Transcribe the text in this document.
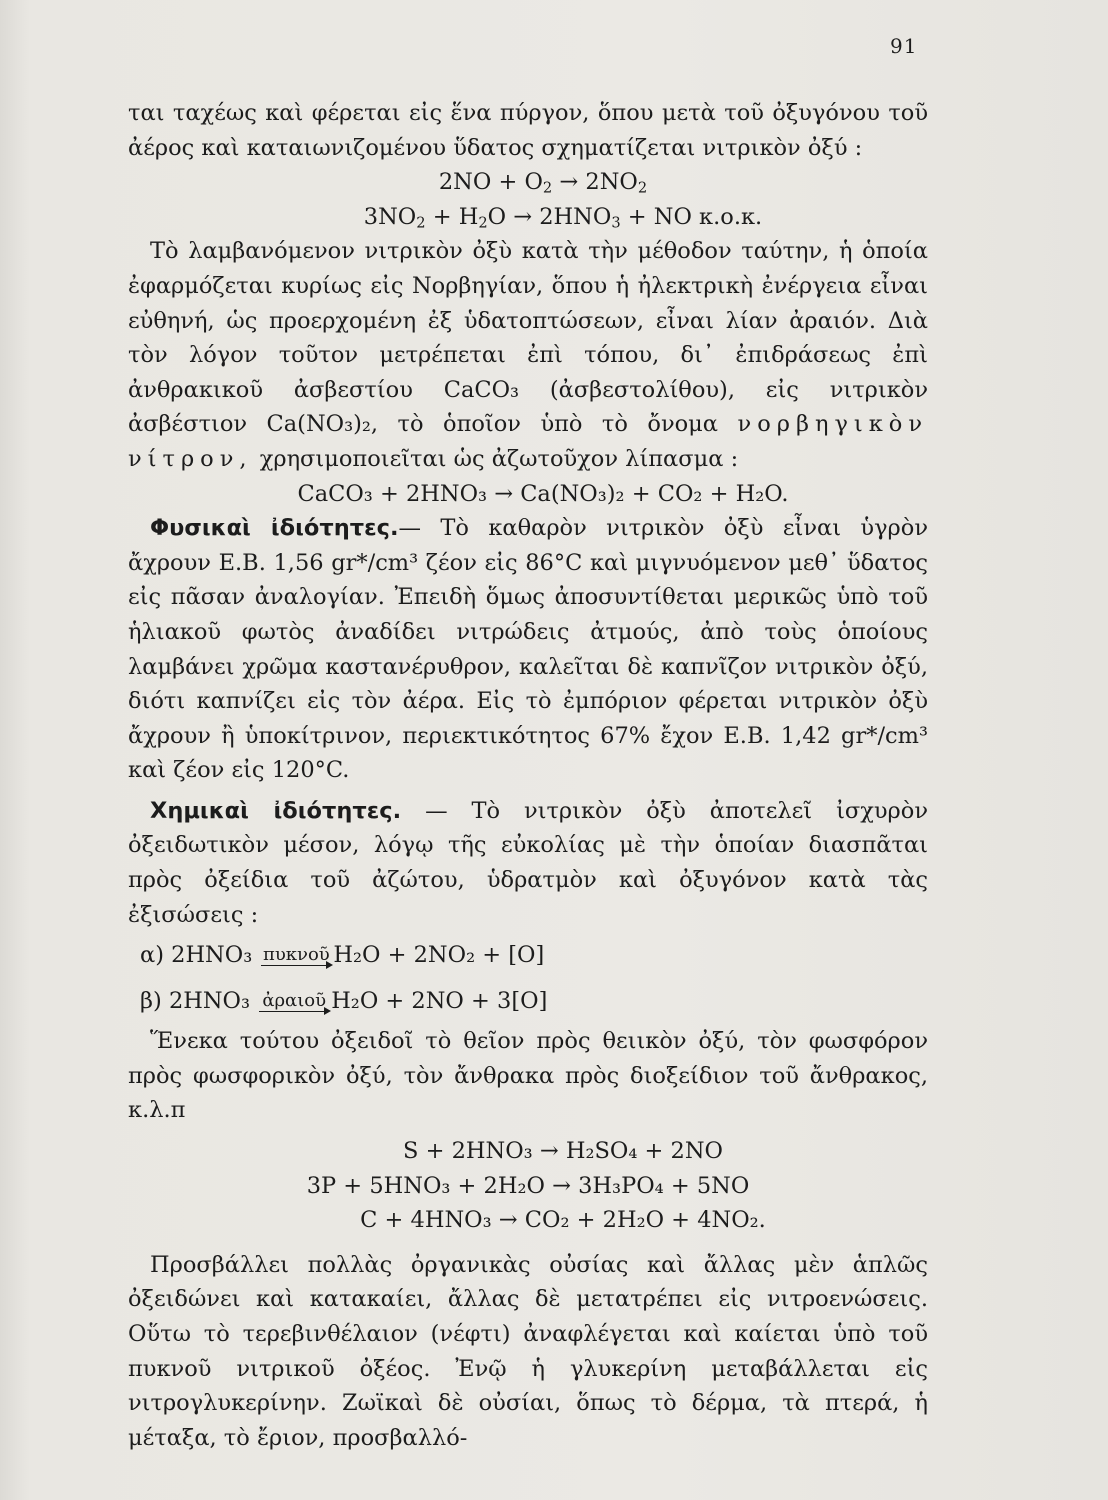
91

ται ταχέως καὶ φέρεται εἰς ἕνα πύργον, ὅπου μετὰ τοῦ ὀξυγόνου τοῦ ἀέρος καὶ καταιωνιζομένου ὕδατος σχηματίζεται νιτρικὸν ὀξύ :

$2NO + O_2 \to 2NO_2$
$3NO_2 + H_2O \to 2HNO_3$ + NO κ.ο.κ.

Τὸ λαμβανόμενον νιτρικὸν ὀξὺ κατὰ τὴν μέθοδον ταύτην, ἡ ὁποία ἐφαρμόζεται κυρίως εἰς Νορβηγίαν, ὅπου ἡ ἠλεκτρικὴ ἐνέργεια εἶναι εὐθηνή, ὡς προερχομένη ἐξ ὑδατοπτώσεων, εἶναι λίαν ἀραιόν. Διὰ τὸν λόγον τοῦτον μετρέπεται ἐπὶ τόπου, δι᾽ ἐπιδράσεως ἐπὶ ἀνθρακικοῦ ἀσβεστίου CaCO₃ (ἀσβεστολίθου), εἰς νιτρικὸν ἀσβέστιον Ca(NO₃)₂, τὸ ὁποῖον ὑπὸ τὸ ὄνομα νορβηγικὸν νίτρον, χρησιμοποιεῖται ὡς ἀζωτοῦχον λίπασμα :

CaCO₃ + 2HNO₃ → Ca(NO₃)₂ + CO₂ + H₂O.

Φυσικαὶ ἰδιότητες.— Τὸ καθαρὸν νιτρικὸν ὀξὺ εἶναι ὑγρὸν ἄχρουν Ε.Β. 1,56 gr*/cm³ ζέον εἰς 86°C καὶ μιγνυόμενον μεθ᾽ ὕδατος εἰς πᾶσαν ἀναλογίαν. Ἐπειδὴ ὅμως ἀποσυντίθεται μερικῶς ὑπὸ τοῦ ἡλιακοῦ φωτὸς ἀναδίδει νιτρώδεις ἀτμούς, ἀπὸ τοὺς ὁποίους λαμβάνει χρῶμα καστανέρυθρον, καλεῖται δὲ καπνῖζον νιτρικὸν ὀξύ, διότι καπνίζει εἰς τὸν ἀέρα. Εἰς τὸ ἐμπόριον φέρεται νιτρικὸν ὀξὺ ἄχρουν ἢ ὑποκίτρινον, περιεκτικότητος 67% ἔχον Ε.Β. 1,42 gr*/cm³ καὶ ζέον εἰς 120°C.

Χημικαὶ ἰδιότητες. — Τὸ νιτρικὸν ὀξὺ ἀποτελεῖ ἰσχυρὸν ὀξειδωτικὸν μέσον, λόγῳ τῆς εὐκολίας μὲ τὴν ὁποίαν διασπᾶται πρὸς ὀξείδια τοῦ ἀζώτου, ὑδρατμὸν καὶ ὀξυγόνον κατὰ τὰς ἐξισώσεις :

α) 2HNO₃ πυκνοῦ H₂O + 2NO₂ + [O]
β) 2HNO₃ ἀραιοῦ H₂O + 2NO + 3[O]

Ἕνεκα τούτου ὀξειδοῖ τὸ θεῖον πρὸς θειικὸν ὀξύ, τὸν φωσφόρον πρὸς φωσφορικὸν ὀξύ, τὸν ἄνθρακα πρὸς διοξείδιον τοῦ ἄνθρακος, κ.λ.π

S + 2HNO₃ → H₂SO₄ + 2NO
3P + 5HNO₃ + 2H₂O → 3H₃PO₄ + 5NO
C + 4HNO₃ → CO₂ + 2H₂O + 4NO₂.

Προσβάλλει πολλὰς ὀργανικὰς οὐσίας καὶ ἄλλας μὲν ἁπλῶς ὀξειδώνει καὶ κατακαίει, ἄλλας δὲ μετατρέπει εἰς νιτροενώσεις. Οὕτω τὸ τερεβινθέλαιον (νέφτι) ἀναφλέγεται καὶ καίεται ὑπὸ τοῦ πυκνοῦ νιτρικοῦ ὀξέος. Ἐνῷ ἡ γλυκερίνη μεταβάλλεται εἰς νιτρογλυκερίνην. Ζωϊκαὶ δὲ οὐσίαι, ὅπως τὸ δέρμα, τὰ πτερά, ἡ μέταξα, τὸ ἔριον, προσβαλλό-
